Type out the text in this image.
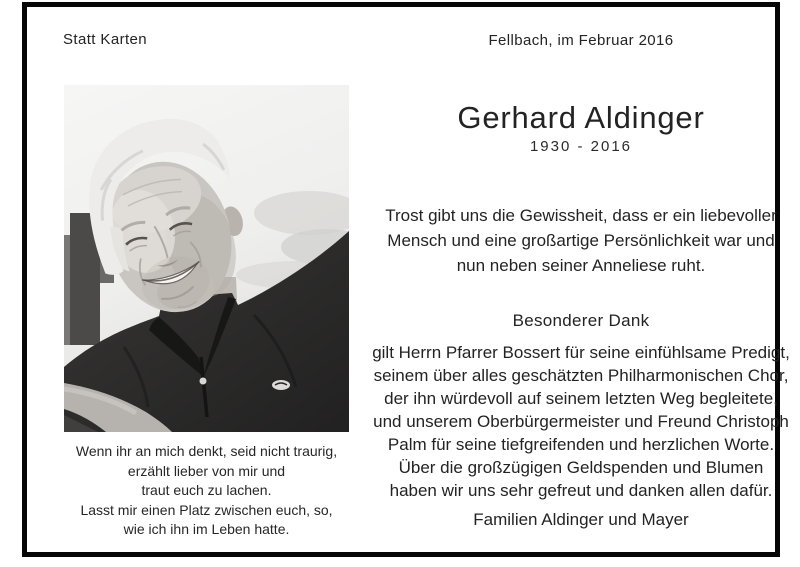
Statt Karten
Wenn ihr an mich denkt, seid nicht traurig,
erzählt lieber von mir und
traut euch zu lachen.
Lasst mir einen Platz zwischen euch, so,
wie ich ihn im Leben hatte.
Fellbach, im Februar 2016
Gerhard Aldinger
1930 - 2016
Trost gibt uns die Gewissheit, dass er ein liebevoller
Mensch und eine großartige Persönlichkeit war und
nun neben seiner Anneliese ruht.
Besonderer Dank
gilt Herrn Pfarrer Bossert für seine einfühlsame Predigt,
seinem über alles geschätzten Philharmonischen Chor,
der ihn würdevoll auf seinem letzten Weg begleitete,
und unserem Oberbürgermeister und Freund Christoph
Palm für seine tiefgreifenden und herzlichen Worte.
Über die großzügigen Geldspenden und Blumen
haben wir uns sehr gefreut und danken allen dafür.
Familien Aldinger und Mayer
